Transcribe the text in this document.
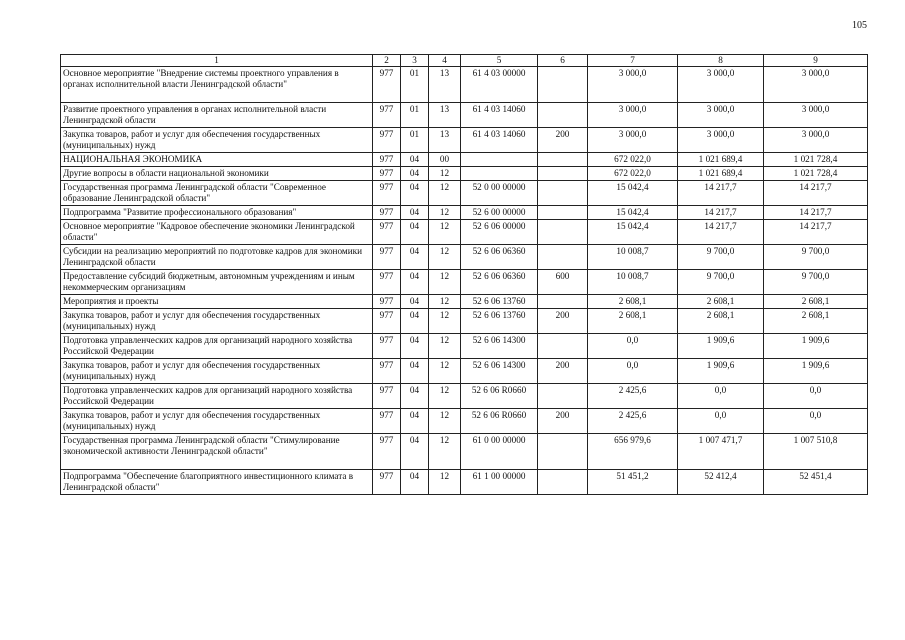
105
1	2	3	4	5	6	7	8	9
Основное мероприятие "Внедрение системы проектного управления в органах исполнительной власти Ленинградской области"	977	01	13	61 4 03 00000		3 000,0	3 000,0	3 000,0
Развитие проектного управления в органах исполнительной власти Ленинградской области	977	01	13	61 4 03 14060		3 000,0	3 000,0	3 000,0
Закупка товаров, работ и услуг для обеспечения государственных (муниципальных) нужд	977	01	13	61 4 03 14060	200	3 000,0	3 000,0	3 000,0
НАЦИОНАЛЬНАЯ ЭКОНОМИКА	977	04	00			672 022,0	1 021 689,4	1 021 728,4
Другие вопросы в области национальной экономики	977	04	12			672 022,0	1 021 689,4	1 021 728,4
Государственная программа Ленинградской области "Современное образование Ленинградской области"	977	04	12	52 0 00 00000		15 042,4	14 217,7	14 217,7
Подпрограмма "Развитие профессионального образования"	977	04	12	52 6 00 00000		15 042,4	14 217,7	14 217,7
Основное мероприятие "Кадровое обеспечение экономики Ленинградской области"	977	04	12	52 6 06 00000		15 042,4	14 217,7	14 217,7
Субсидии на реализацию мероприятий по подготовке кадров для экономики Ленинградской области	977	04	12	52 6 06 06360		10 008,7	9 700,0	9 700,0
Предоставление субсидий бюджетным, автономным учреждениям и иным некоммерческим организациям	977	04	12	52 6 06 06360	600	10 008,7	9 700,0	9 700,0
Мероприятия и проекты	977	04	12	52 6 06 13760		2 608,1	2 608,1	2 608,1
Закупка товаров, работ и услуг для обеспечения государственных (муниципальных) нужд	977	04	12	52 6 06 13760	200	2 608,1	2 608,1	2 608,1
Подготовка управленческих кадров для организаций народного хозяйства Российской Федерации	977	04	12	52 6 06 14300		0,0	1 909,6	1 909,6
Закупка товаров, работ и услуг для обеспечения государственных (муниципальных) нужд	977	04	12	52 6 06 14300	200	0,0	1 909,6	1 909,6
Подготовка управленческих кадров для организаций народного хозяйства Российской Федерации	977	04	12	52 6 06 R0660		2 425,6	0,0	0,0
Закупка товаров, работ и услуг для обеспечения государственных (муниципальных) нужд	977	04	12	52 6 06 R0660	200	2 425,6	0,0	0,0
Государственная программа Ленинградской области "Стимулирование экономической активности Ленинградской области"	977	04	12	61 0 00 00000		656 979,6	1 007 471,7	1 007 510,8
Подпрограмма "Обеспечение благоприятного инвестиционного климата в Ленинградской области"	977	04	12	61 1 00 00000		51 451,2	52 412,4	52 451,4
